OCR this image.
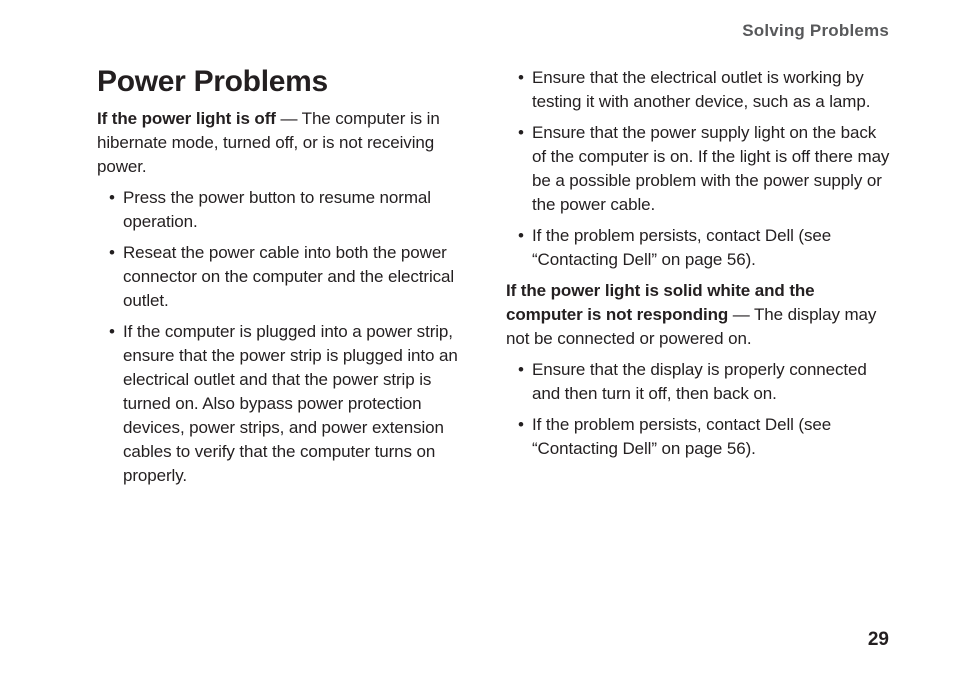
Solving Problems
Power Problems

If the power light is off — The computer is in hibernate mode, turned off, or is not receiving power.

• Press the power button to resume normal operation.
• Reseat the power cable into both the power connector on the computer and the electrical outlet.
• If the computer is plugged into a power strip, ensure that the power strip is plugged into an electrical outlet and that the power strip is turned on. Also bypass power protection devices, power strips, and power extension cables to verify that the computer turns on properly.
• Ensure that the electrical outlet is working by testing it with another device, such as a lamp.
• Ensure that the power supply light on the back of the computer is on. If the light is off there may be a possible problem with the power supply or the power cable.
• If the problem persists, contact Dell (see “Contacting Dell” on page 56).

If the power light is solid white and the computer is not responding — The display may not be connected or powered on.

• Ensure that the display is properly connected and then turn it off, then back on.
• If the problem persists, contact Dell (see “Contacting Dell” on page 56).
29
